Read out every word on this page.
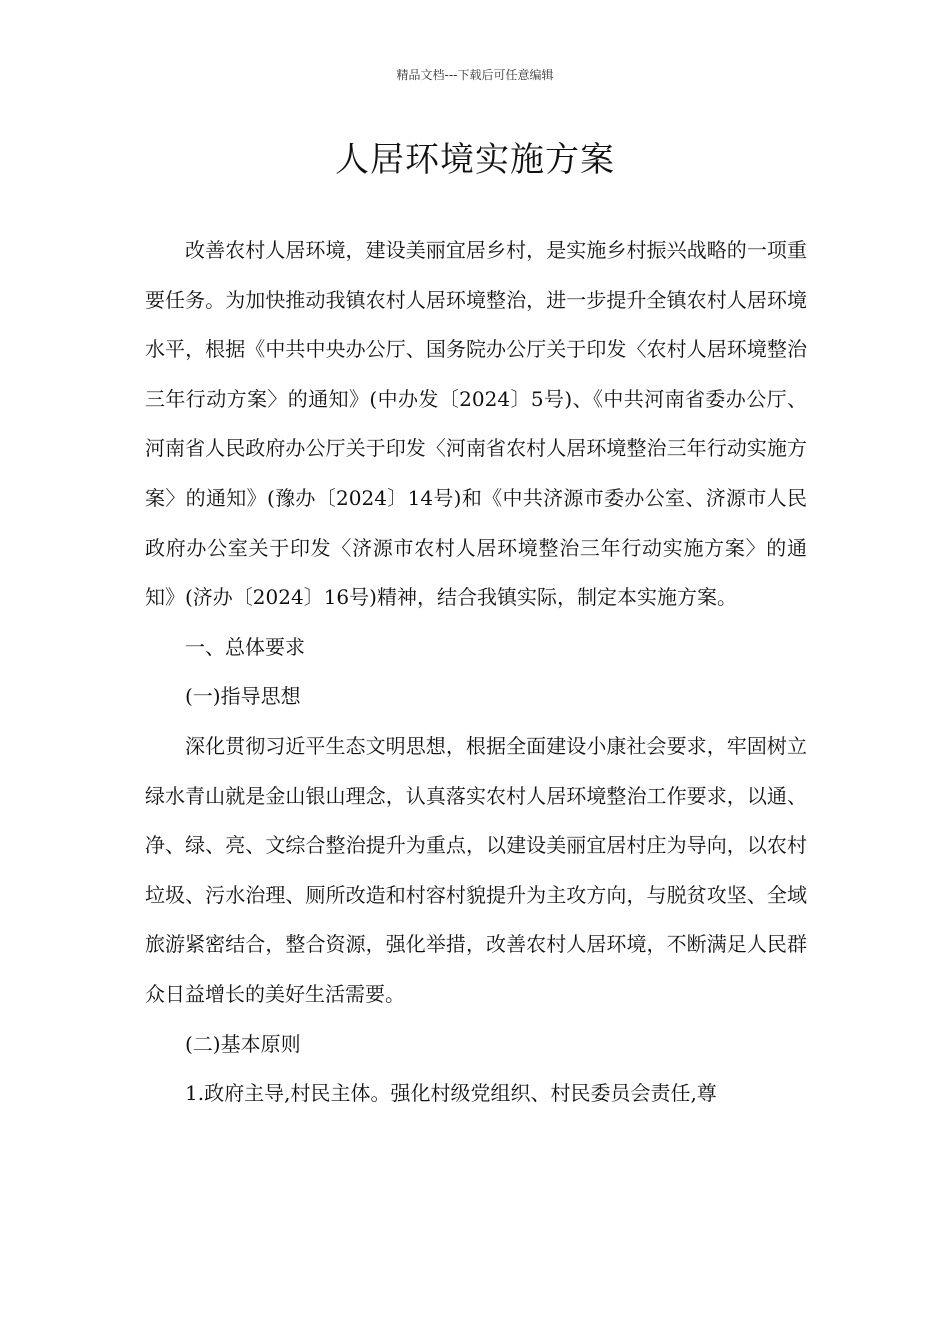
精品文档---下载后可任意编辑
人居环境实施方案

改善农村人居环境，建设美丽宜居乡村，是实施乡村振兴战略的一项重要任务。为加快推动我镇农村人居环境整治，进一步提升全镇农村人居环境水平，根据《中共中央办公厅、国务院办公厅关于印发〈农村人居环境整治三年行动方案〉的通知》(中办发〔2024〕5号)、《中共河南省委办公厅、河南省人民政府办公厅关于印发〈河南省农村人居环境整治三年行动实施方案〉的通知》(豫办〔2024〕14号)和《中共济源市委办公室、济源市人民政府办公室关于印发〈济源市农村人居环境整治三年行动实施方案〉的通知》(济办〔2024〕16号)精神，结合我镇实际，制定本实施方案。

一、总体要求

(一)指导思想

深化贯彻习近平生态文明思想，根据全面建设小康社会要求，牢固树立绿水青山就是金山银山理念，认真落实农村人居环境整治工作要求，以通、净、绿、亮、文综合整治提升为重点，以建设美丽宜居村庄为导向，以农村垃圾、污水治理、厕所改造和村容村貌提升为主攻方向，与脱贫攻坚、全域旅游紧密结合，整合资源，强化举措，改善农村人居环境，不断满足人民群众日益增长的美好生活需要。

(二)基本原则

1.政府主导,村民主体。强化村级党组织、村民委员会责任,尊
